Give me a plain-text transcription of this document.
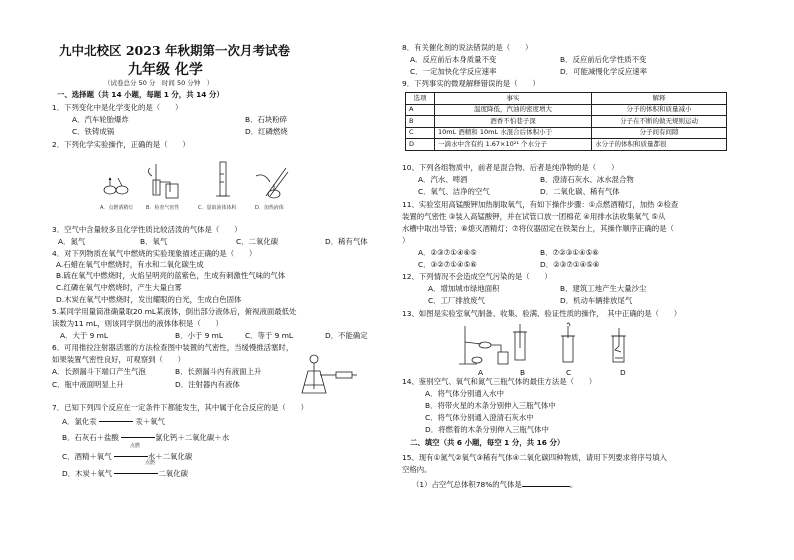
九中北校区 2023 年秋期第一次月考试卷
九年级 化学
（试卷总分 50 分　时间 50 分钟　）
一、选择题（共 14 小题，每题 1 分，共 14 分）
1．下列变化中是化学变化的是（　　）
A．汽车轮胎爆炸	B．石块粉碎
C．铁铸成锅	D．红磷燃烧
2．下列化学实验操作，正确的是（　　）
A．点燃酒精灯	B．检查气密性	C．量取液体体积	D．加热液体
3．空气中含量较多且化学性质比较活泼的气体是（　　）
A．氮气	B．氧气	C．二氧化碳	D．稀有气体
4．对下列物质在氧气中燃烧的实验现象描述正确的是（　　）
A.石蜡在氧气中燃烧时，有水和二氧化碳生成
B.硫在氧气中燃烧时，火焰呈明亮的蓝紫色，生成有刺激性气味的气体
C.红磷在氧气中燃烧时，产生大量白雾
D.木炭在氧气中燃烧时，发出耀眼的白光，生成白色固体
5.某同学用量筒准确量取20 mL某液体，倒出部分液体后，俯视液面最低处
读数为11 mL，则该同学倒出的液体体积是（　　）
A．大于 9 mL	B．小于 9 mL	C．等于 9 mL	D．不能确定
6．可用推拉注射器活塞的方法检查图中装置的气密性，当缓慢推活塞时，
如果装置气密性良好，可观察到（　　）
A．长颈漏斗下端口产生气泡	B．长颈漏斗内有液面上升
C．瓶中液面明显上升	D．注射器内有液体
7．已知下列四个反应在一定条件下都能发生，其中属于化合反应的是（　　）
A．氯化汞	汞＋氧气
B．石灰石＋盐酸	氯化钙＋二氧化碳＋水
点燃
C．酒精＋氧气	水＋二氧化碳
点燃
D．木炭＋氧气	二氧化碳
8．有关催化剂的说法错误的是（　　）
A．反应前后本身质量不变	B．反应前后化学性质不变
C．一定加快化学反应速率	D．可能减慢化学反应速率
9．下列事实的微观解释错误的是（　　）
选项	事实	解释
A	温度降低，汽油的密度增大	分子的体积和质量减小
B	酒香不怕巷子深	分子在不断的做无规则运动
C	10mL 酒精和 10mL 水混合后体积小于	分子间有间隙
D	一滴水中含有约 1.67×10²¹ 个水分子	水分子的体积和质量都很
10、下列各组物质中，前者是混合物、后者是纯净物的是（　　）
A．汽水、啤酒	B．澄清石灰水、冰水混合物
C．氧气、洁净的空气	D．二氧化碳、稀有气体
11、实验室用高锰酸钾加热制取氧气，有如下操作步骤：①点燃酒精灯，加热 ②检查
装置的气密性 ③装入高锰酸钾，并在试管口放一团棉花 ④用排水法收集氧气 ⑤从
水槽中取出导管；⑥熄灭酒精灯；⑦将仪器固定在铁架台上，其操作顺序正确的是（
）
A．②③⑦①④⑥⑤	B．⑦②③①④⑤⑥
C．③②⑦①④⑤⑥	D．②③⑦①④⑤⑥
12、下列情况不会造成空气污染的是（　　）
A．增加城市绿地面积	B．建筑工地产生大量沙尘
C．工厂排放废气	D．机动车辆排放尾气
13、如图是实验室氧气制备、收集、验满、验证性质的操作，　其中正确的是（　　）
A	B	C	D
14、鉴别空气、氧气和氮气三瓶气体的最佳方法是（　　）
A．将气体分别通入水中
B．将带火星的木条分别伸入三瓶气体中
C．将气体分别通入澄清石灰水中
D．将燃着的木条分别伸入三瓶气体中
二、填空（共 6 小题，每空 1 分，共 16 分）
15、现有①氮气②氧气③稀有气体④二氧化碳四种物质，请用下列要求将序号填入
空格内。
（1）占空气总体积78%的气体是	。
